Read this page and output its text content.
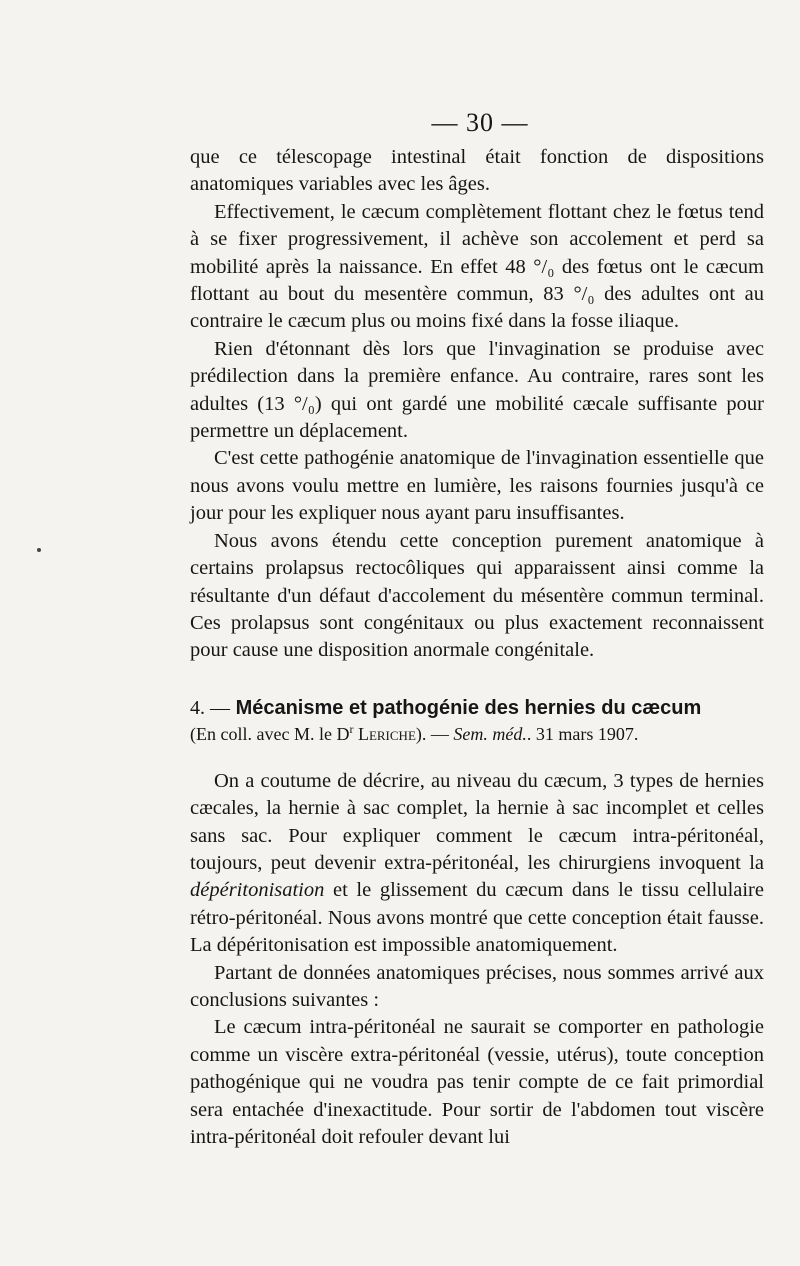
— 30 —

que ce télescopage intestinal était fonction de dispositions anatomiques variables avec les âges.

Effectivement, le cæcum complètement flottant chez le fœtus tend à se fixer progressivement, il achève son accolement et perd sa mobilité après la naissance. En effet 48 °/₀ des fœtus ont le cæcum flottant au bout du mesentère commun, 83 °/₀ des adultes ont au contraire le cæcum plus ou moins fixé dans la fosse iliaque.

Rien d'étonnant dès lors que l'invagination se produise avec prédilection dans la première enfance. Au contraire, rares sont les adultes (13 °/₀) qui ont gardé une mobilité cæcale suffisante pour permettre un déplacement.

C'est cette pathogénie anatomique de l'invagination essentielle que nous avons voulu mettre en lumière, les raisons fournies jusqu'à ce jour pour les expliquer nous ayant paru insuffisantes.

Nous avons étendu cette conception purement anatomique à certains prolapsus rectocôliques qui apparaissent ainsi comme la résultante d'un défaut d'accolement du mésentère commun terminal. Ces prolapsus sont congénitaux ou plus exactement reconnaissent pour cause une disposition anormale congénitale.

4. — Mécanisme et pathogénie des hernies du cæcum

(En coll. avec M. le $D^r$ Leriche). — Sem. méd.. 31 mars 1907.

On a coutume de décrire, au niveau du cæcum, 3 types de hernies cæcales, la hernie à sac complet, la hernie à sac incomplet et celles sans sac. Pour expliquer comment le cæcum intra-péritonéal, toujours, peut devenir extra-péritonéal, les chirurgiens invoquent la dépéritonisation et le glissement du cæcum dans le tissu cellulaire rétro-péritonéal. Nous avons montré que cette conception était fausse. La dépéritonisation est impossible anatomiquement.

Partant de données anatomiques précises, nous sommes arrivé aux conclusions suivantes :

Le cæcum intra-péritonéal ne saurait se comporter en pathologie comme un viscère extra-péritonéal (vessie, utérus), toute conception pathogénique qui ne voudra pas tenir compte de ce fait primordial sera entachée d'inexactitude. Pour sortir de l'abdomen tout viscère intra-péritonéal doit refouler devant lui
